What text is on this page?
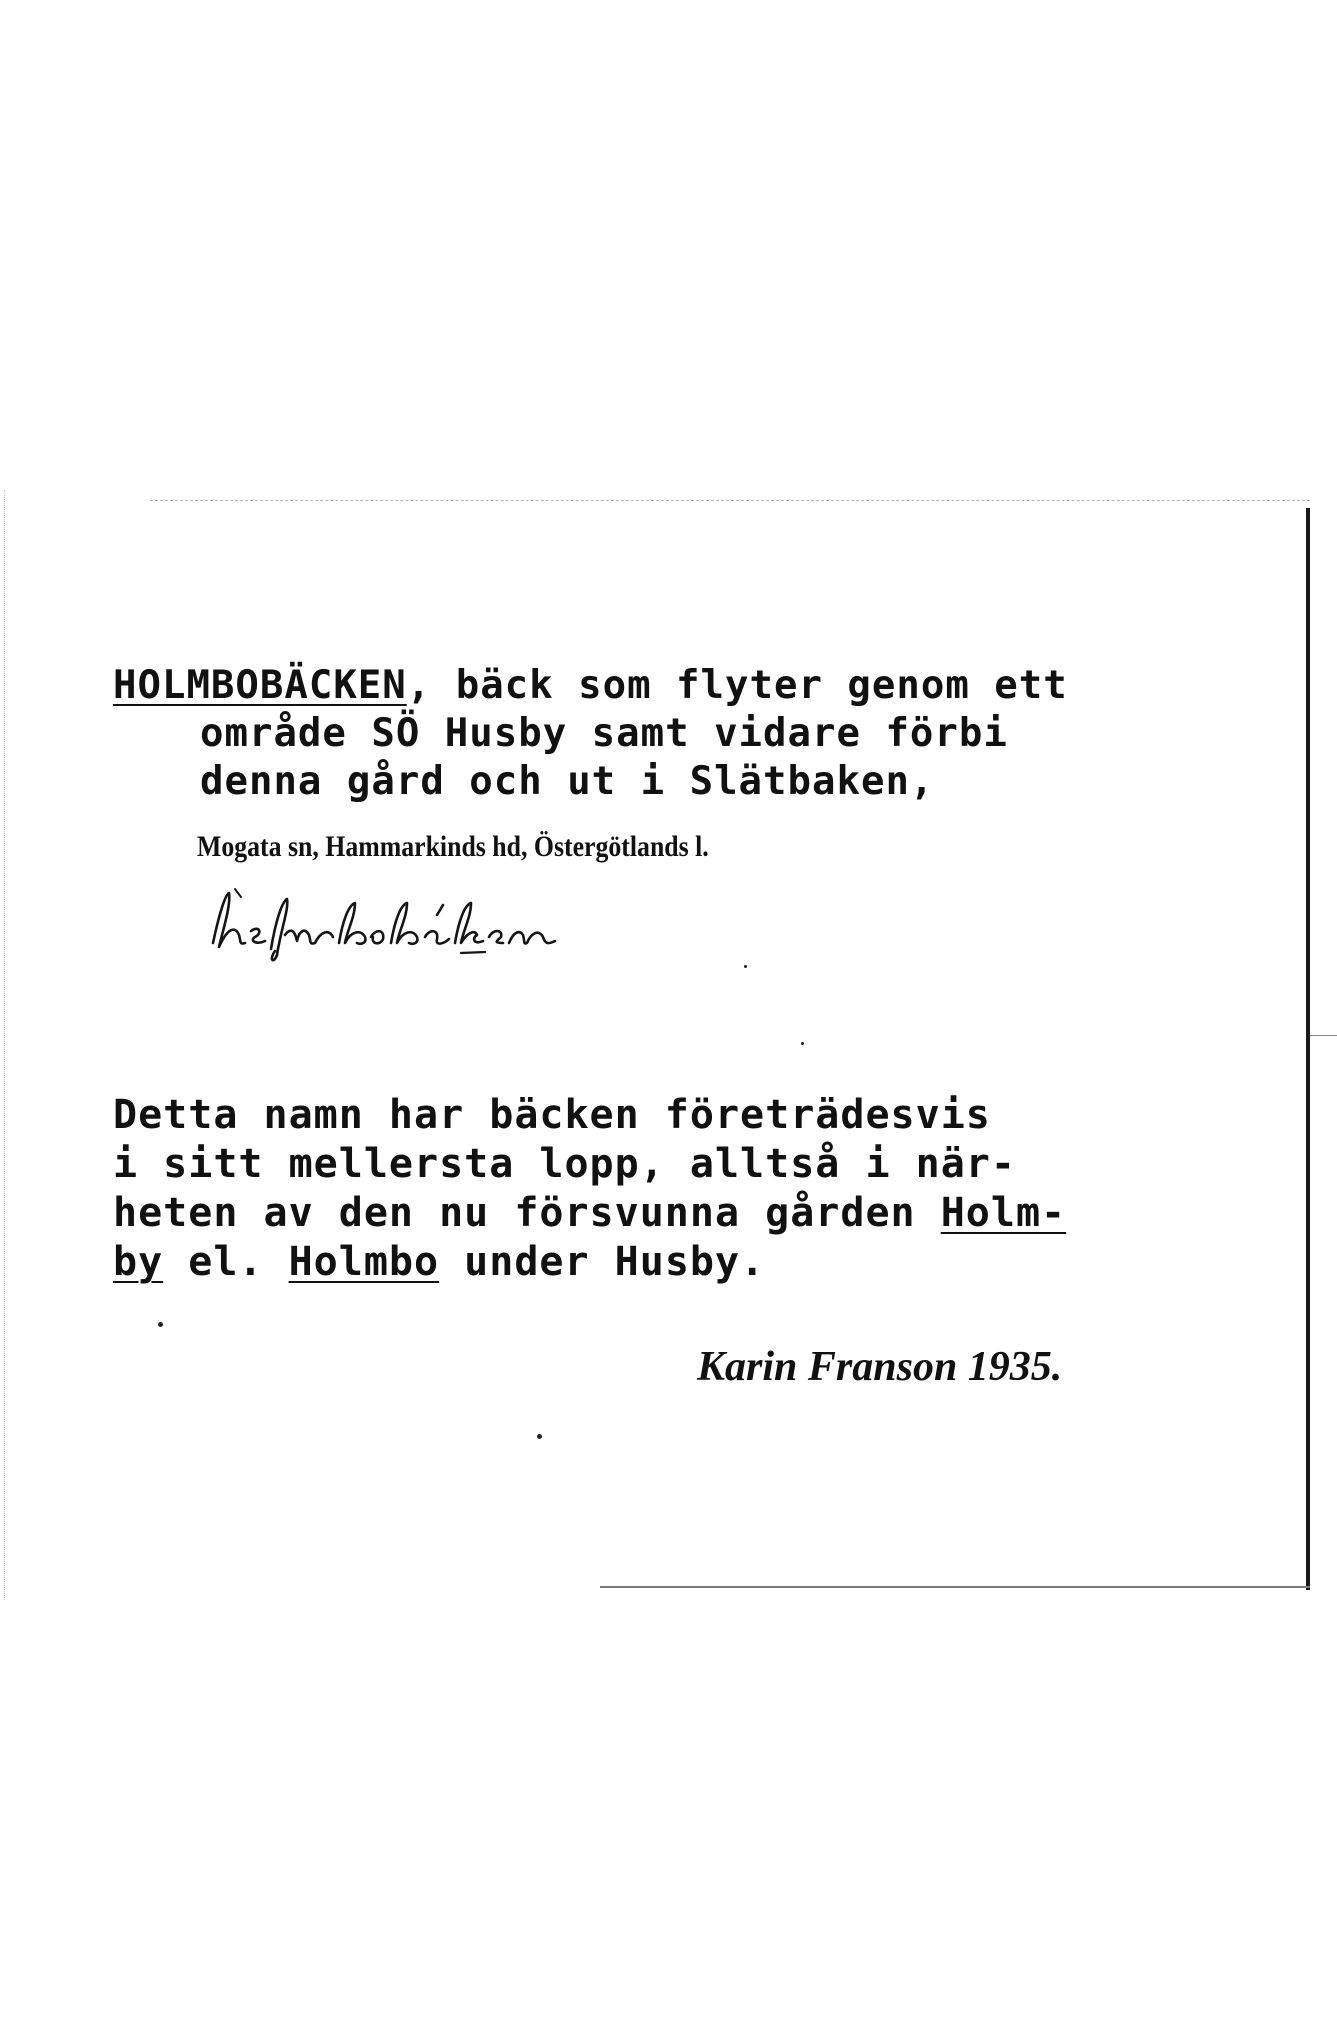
HOLMBOBÄCKEN, bäck som flyter genom ett
område SÖ Husby samt vidare förbi
denna gård och ut i Slätbaken,
Mogata sn, Hammarkinds hd, Östergötlands l.
Detta namn har bäcken företrädesvis
i sitt mellersta lopp, alltså i när-
heten av den nu försvunna gården Holm-
by el. Holmbo under Husby.
Karin Franson 1935.
